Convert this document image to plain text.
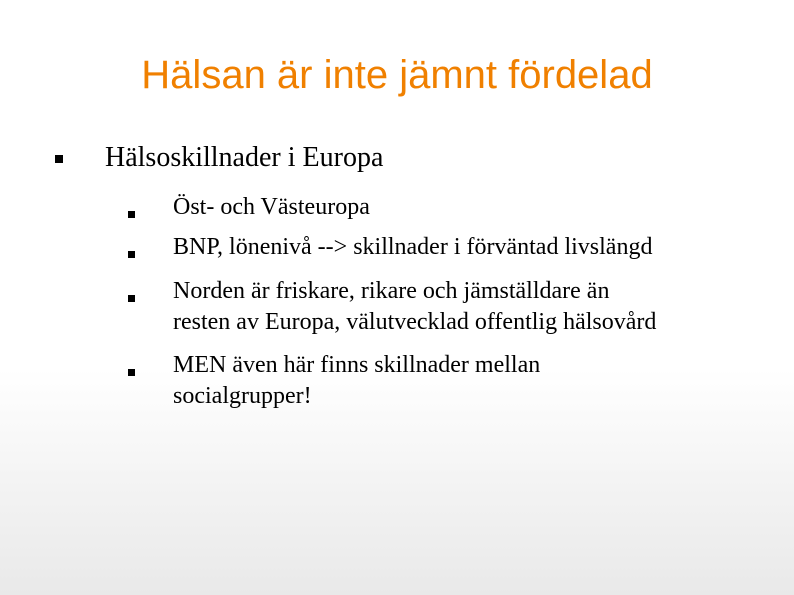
Hälsan är inte jämnt fördelad
Hälsoskillnader i Europa
Öst- och Västeuropa
BNP, lönenivå --> skillnader i förväntad livslängd
Norden är friskare, rikare och jämställdare än
resten av Europa, välutvecklad offentlig hälsovård
MEN även här finns skillnader mellan
socialgrupper!
